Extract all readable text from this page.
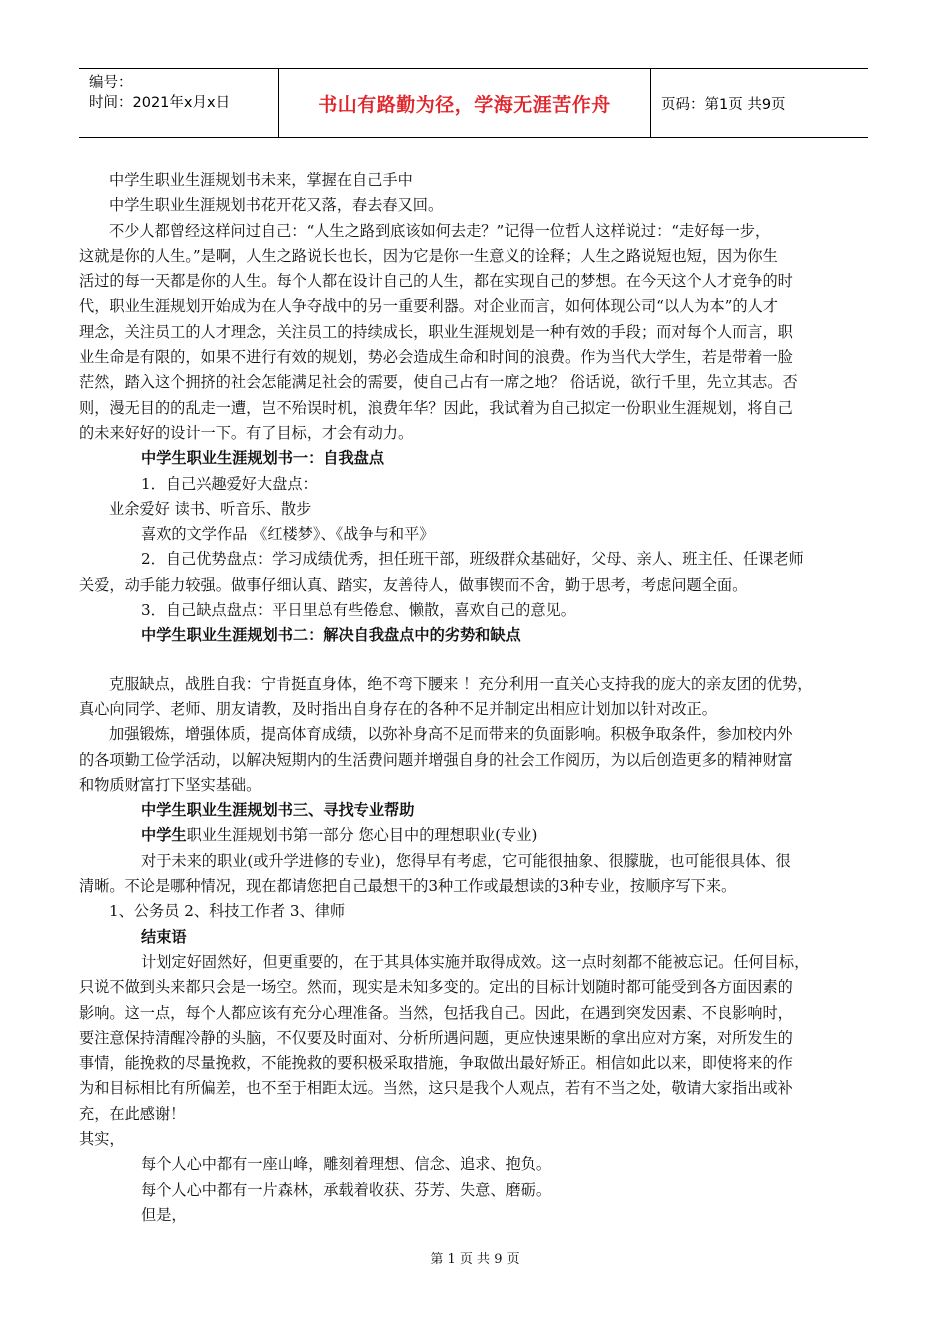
编号：
时间：2021年x月x日	书山有路勤为径，学海无涯苦作舟	页码：第1页 共9页

中学生职业生涯规划书未来，掌握在自己手中

中学生职业生涯规划书花开花又落，春去春又回。

不少人都曾经这样问过自己：“人生之路到底该如何去走？”记得一位哲人这样说过：“走好每一步，

这就是你的人生。”是啊，人生之路说长也长，因为它是你一生意义的诠释；人生之路说短也短，因为你生

活过的每一天都是你的人生。每个人都在设计自己的人生，都在实现自己的梦想。在今天这个人才竞争的时

代，职业生涯规划开始成为在人争夺战中的另一重要利器。对企业而言，如何体现公司“以人为本”的人才

理念，关注员工的人才理念，关注员工的持续成长，职业生涯规划是一种有效的手段；而对每个人而言，职

业生命是有限的，如果不进行有效的规划，势必会造成生命和时间的浪费。作为当代大学生，若是带着一脸

茫然，踏入这个拥挤的社会怎能满足社会的需要，使自己占有一席之地？ 俗话说，欲行千里，先立其志。否

则，漫无目的的乱走一遭，岂不殆误时机，浪费年华？因此，我试着为自己拟定一份职业生涯规划，将自己

的未来好好的设计一下。有了目标，才会有动力。

中学生职业生涯规划书一：自我盘点

1．自己兴趣爱好大盘点：

业余爱好 读书、听音乐、散步

喜欢的文学作品 《红楼梦》、《战争与和平》

2．自己优势盘点：学习成绩优秀，担任班干部，班级群众基础好，父母、亲人、班主任、任课老师

关爱，动手能力较强。做事仔细认真、踏实，友善待人，做事锲而不舍，勤于思考，考虑问题全面。

3．自己缺点盘点：平日里总有些倦怠、懒散，喜欢自己的意见。

中学生职业生涯规划书二：解决自我盘点中的劣势和缺点

克服缺点，战胜自我：宁肯挺直身体，绝不弯下腰来 ！充分利用一直关心支持我的庞大的亲友团的优势，

真心向同学、老师、朋友请教，及时指出自身存在的各种不足并制定出相应计划加以针对改正。

加强锻炼，增强体质，提高体育成绩，以弥补身高不足而带来的负面影响。积极争取条件，参加校内外

的各项勤工俭学活动，以解决短期内的生活费问题并增强自身的社会工作阅历，为以后创造更多的精神财富

和物质财富打下坚实基础。

中学生职业生涯规划书三、寻找专业帮助

中学生职业生涯规划书第一部分 您心目中的理想职业(专业)

对于未来的职业(或升学进修的专业)，您得早有考虑，它可能很抽象、很朦胧，也可能很具体、很

清晰。不论是哪种情况，现在都请您把自己最想干的3种工作或最想读的3种专业，按顺序写下来。

1、公务员 2、科技工作者 3、律师

结束语

计划定好固然好，但更重要的，在于其具体实施并取得成效。这一点时刻都不能被忘记。任何目标，

只说不做到头来都只会是一场空。然而，现实是未知多变的。定出的目标计划随时都可能受到各方面因素的

影响。这一点，每个人都应该有充分心理准备。当然，包括我自己。因此，在遇到突发因素、不良影响时，

要注意保持清醒冷静的头脑，不仅要及时面对、分析所遇问题，更应快速果断的拿出应对方案，对所发生的

事情，能挽救的尽量挽救，不能挽救的要积极采取措施，争取做出最好矫正。相信如此以来，即使将来的作

为和目标相比有所偏差，也不至于相距太远。当然，这只是我个人观点，若有不当之处，敬请大家指出或补

充，在此感谢！

其实，

每个人心中都有一座山峰，雕刻着理想、信念、追求、抱负。

每个人心中都有一片森林，承载着收获、芬芳、失意、磨砺。

但是，

第 1 页 共 9 页
